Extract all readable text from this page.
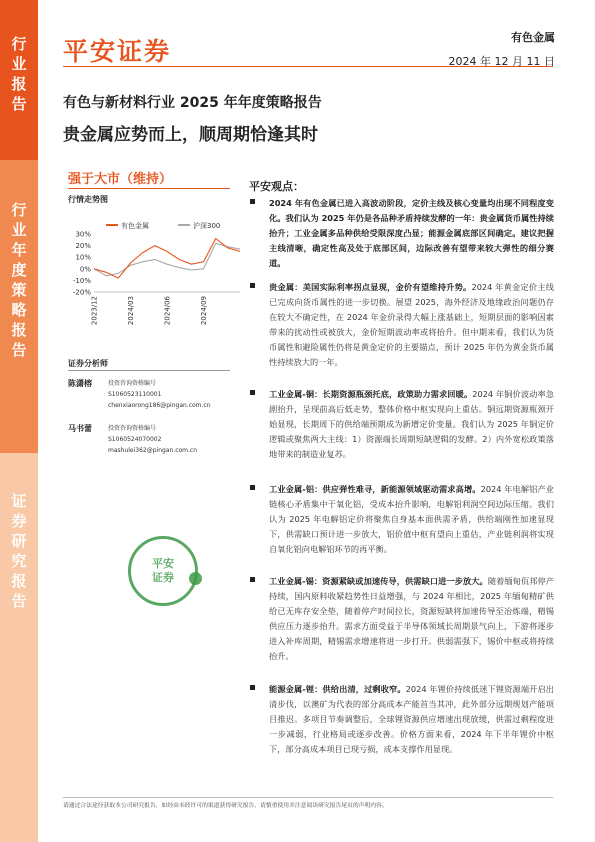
行业报告
行业年度策略报告
证券研究报告
平安证券	有色金属
2024 年 12 月 11 日
有色与新材料行业 2025 年年度策略报告
贵金属应势而上，顺周期恰逢其时
强于大市（维持）
行情走势图
30%
20%
10%
0%
-10%
-20%
2023/12	2024/03	2024/06	2024/09
有色金属	沪深300
证券分析师
陈潇榕	投资咨询资格编号
S1060523110001
chenxiaorong186@pingan.com.cn
马书蕾	投资咨询资格编号
S1060524070002
mashulei362@pingan.com.cn
平安
证券
平安观点：
2024 年有色金属已进入高波动阶段，定价主线及核心变量均出现不同程度变化。我们认为 2025 年仍是各品种矛盾持续发酵的一年：贵金属货币属性持续抬升；工业金属多品种供给受限深度凸显；能源金属底部区间确定。建议把握主线清晰，确定性高及处于底部区间，边际改善有望带来较大弹性的细分赛道。
贵金属：美国实际利率拐点显现，金价有望维持升势。2024 年黄金定价主线已完成向货币属性的进一步切换。展望 2025，海外经济及地缘政治问题仍存在较大不确定性，在 2024 年金价录得大幅上涨基础上，短期层面的影响因素带来的扰动性或被放大，金价短期波动率或将抬升。但中期来看，我们认为货币属性和避险属性仍将是黄金定价的主要锚点，预计 2025 年仍为黄金货币属性持续放大的一年。
工业金属-铜：长期资源瓶颈托底，政策助力需求回暖。2024 年铜价波动率急剧抬升，呈现前高后低走势，整体价格中枢实现向上重估。铜远期资源瓶颈开始显现，长期周下的供给端预期成为新增定价变量。我们认为 2025 年铜定价逻辑或聚焦两大主线：1）资源端长周期短缺逻辑的发酵。2）内外宽松政策落地带来的制造业复苏。
工业金属-铝：供应弹性难寻，新能源领域驱动需求高增。2024 年电解铝产业链核心矛盾集中于氧化铝，受成本抬升影响，电解铝利润空间边际压缩。我们认为 2025 年电解铝定价将聚焦自身基本面供需矛盾，供给端刚性加速显现下，供需缺口预计进一步放大，铝价值中枢有望向上重估，产业链利润将实现自氧化铝向电解铝环节的再平衡。
工业金属-锡：资源紧缺或加速传导，供需缺口进一步放大。随着缅甸佤邦停产持续，国内原料收紧趋势性日益增强，与 2024 年相比，2025 年缅甸精矿供给已无库存安全垫，随着停产时间拉长，资源短缺将加速传导至冶炼端，精锡供应压力逐步抬升。需求方面受益于半导体领域长周期景气向上，下游将逐步进入补库周期，精锡需求增速将进一步打开。供弱需强下，锡价中枢或将持续抬升。
能源金属-锂：供给出清，过剩收窄。2024 年锂价持续低迷下锂资源端开启出清步伐，以澳矿为代表的部分高成本产能首当其冲，此外部分远期规划产能项目推迟。多项目节奏调整后，全球锂资源供应增速出现放缓，供需过剩程度进一步减弱，行业格局或逐步改善。价格方面来看，2024 年下半年锂价中枢下，部分高成本项目已现亏损，成本支撑作用显现。
请通过合法途径获取本公司研究报告，如经由未经许可的渠道获得研究报告，请慎重使用并注意阅读研究报告尾页的声明内容。
